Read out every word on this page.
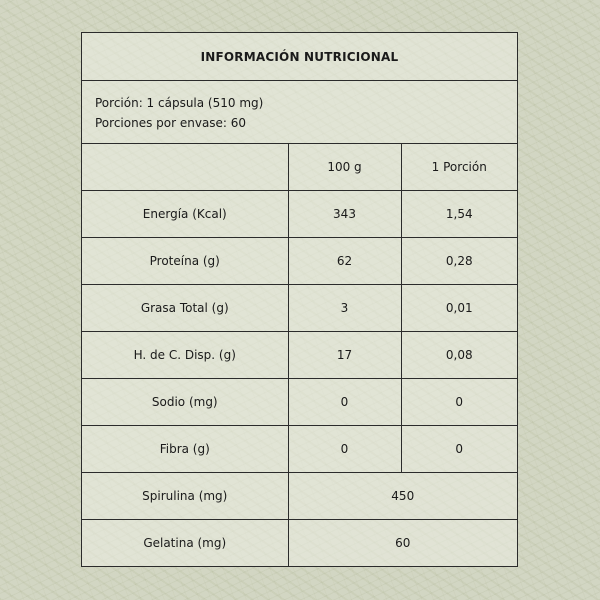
INFORMACIÓN NUTRICIONAL
Porción: 1 cápsula (510 mg)
Porciones por envase: 60
	100 g	1 Porción
Energía (Kcal)	343	1,54
Proteína (g)	62	0,28
Grasa Total (g)	3	0,01
H. de C. Disp. (g)	17	0,08
Sodio (mg)	0	0
Fibra (g)	0	0
Spirulina (mg)	450	
Gelatina (mg)	60	
